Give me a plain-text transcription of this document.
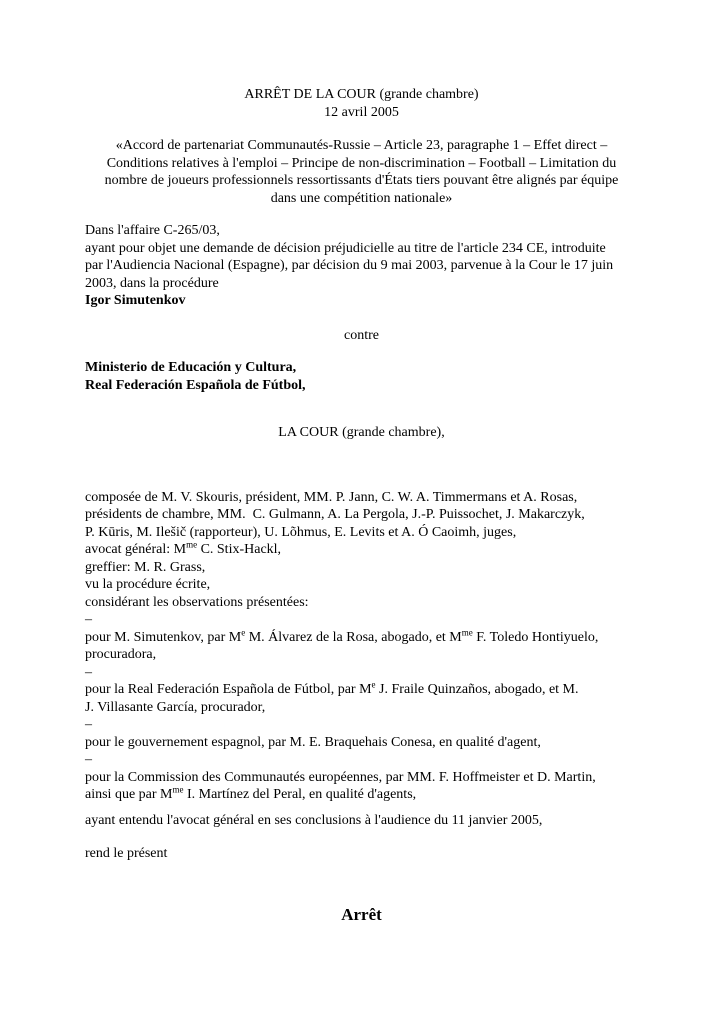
ARRÊT DE LA COUR (grande chambre)
12 avril 2005
«Accord de partenariat Communautés-Russie – Article 23, paragraphe 1 – Effet direct –
Conditions relatives à l'emploi – Principe de non-discrimination – Football – Limitation du
nombre de joueurs professionnels ressortissants d'États tiers pouvant être alignés par équipe
dans une compétition nationale»
Dans l'affaire C-265/03,
ayant pour objet une demande de décision préjudicielle au titre de l'article 234 CE, introduite
par l'Audiencia Nacional (Espagne), par décision du 9 mai 2003, parvenue à la Cour le 17 juin
2003, dans la procédure
Igor Simutenkov
contre
Ministerio de Educación y Cultura,
Real Federación Española de Fútbol,
LA COUR (grande chambre),
composée de M. V. Skouris, président, MM. P. Jann, C. W. A. Timmermans et A. Rosas,
présidents de chambre, MM.  C. Gulmann, A. La Pergola, J.-P. Puissochet, J. Makarczyk,
P. Kūris, M. Ilešič (rapporteur), U. Lõhmus, E. Levits et A. Ó Caoimh, juges,
avocat général: $M^{me}$ C. Stix-Hackl,
greffier: M. R. Grass,
vu la procédure écrite,
considérant les observations présentées:
–
pour M. Simutenkov, par Me M. Álvarez de la Rosa, abogado, et $M^{me}$ F. Toledo Hontiyuelo,
procuradora,
–
pour la Real Federación Española de Fútbol, par Me J. Fraile Quinzaños, abogado, et M.
J. Villasante García, procurador,
–
pour le gouvernement espagnol, par M. E. Braquehais Conesa, en qualité d'agent,
–
pour la Commission des Communautés européennes, par MM. F. Hoffmeister et D. Martin,
ainsi que par $M^{me}$ I. Martínez del Peral, en qualité d'agents,
ayant entendu l'avocat général en ses conclusions à l'audience du 11 janvier 2005,
rend le présent
Arrêt
